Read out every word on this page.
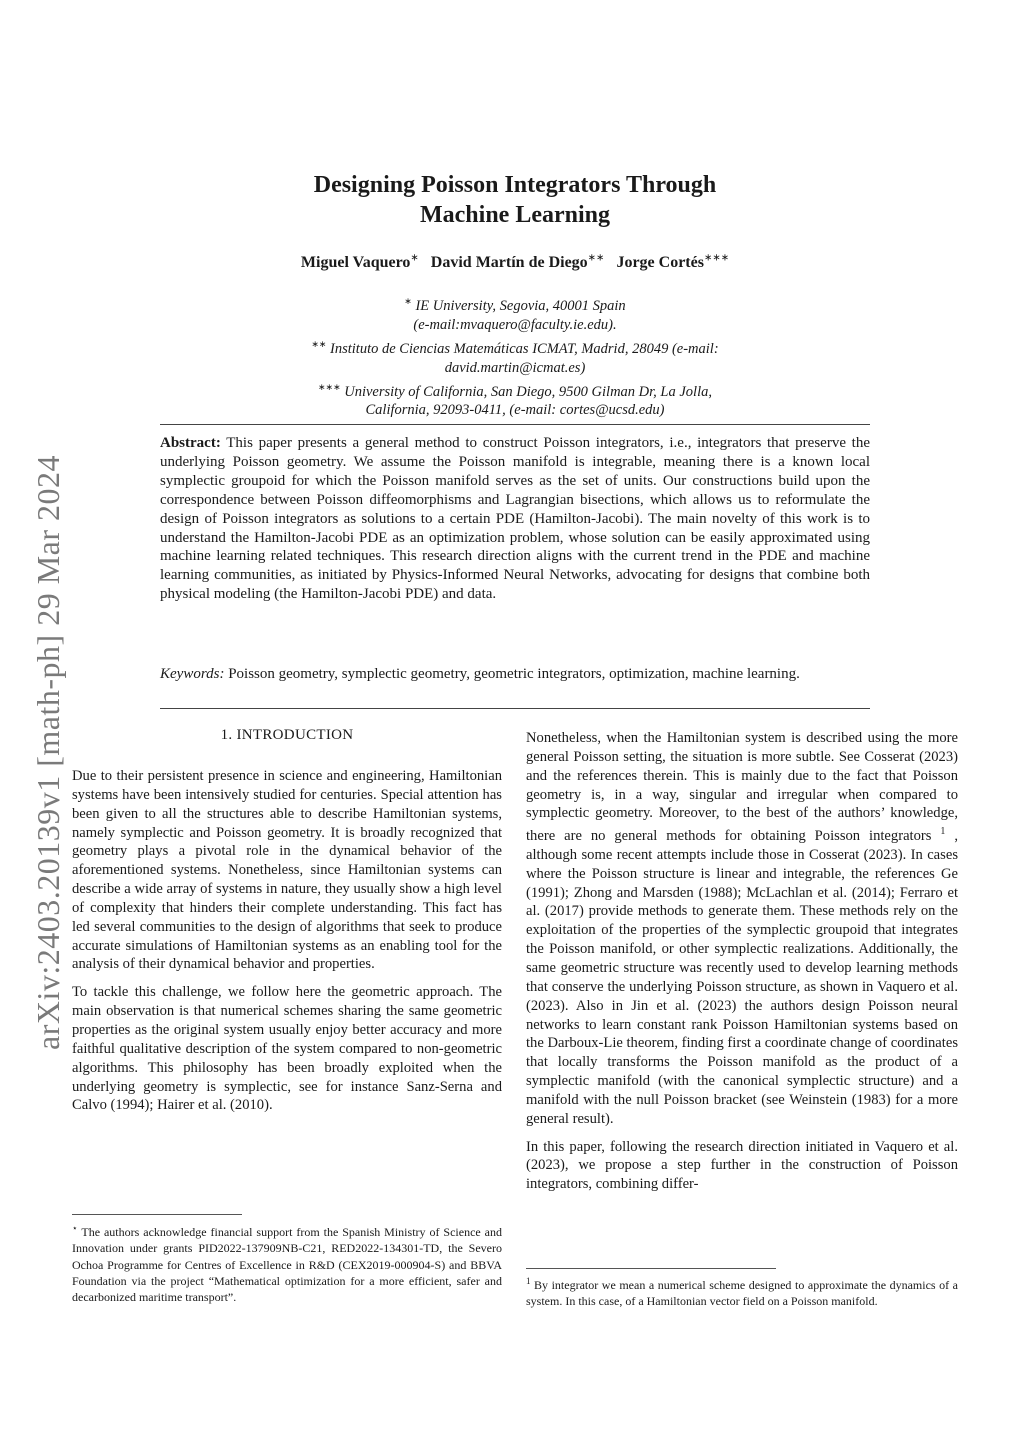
arXiv:2403.20139v1 [math-ph] 29 Mar 2024
Designing Poisson Integrators Through
Machine Learning
Miguel Vaquero∗ David Martín de Diego∗∗ Jorge Cortés∗∗∗
∗ IE University, Segovia, 40001 Spain
(e-mail:mvaquero@faculty.ie.edu).
∗∗ Instituto de Ciencias Matemáticas ICMAT, Madrid, 28049 (e-mail:
david.martin@icmat.es)
∗∗∗ University of California, San Diego, 9500 Gilman Dr, La Jolla,
California, 92093-0411, (e-mail: cortes@ucsd.edu)
Abstract: This paper presents a general method to construct Poisson integrators, i.e., integrators that preserve the underlying Poisson geometry. We assume the Poisson manifold is integrable, meaning there is a known local symplectic groupoid for which the Poisson manifold serves as the set of units. Our constructions build upon the correspondence between Poisson diffeomorphisms and Lagrangian bisections, which allows us to reformulate the design of Poisson integrators as solutions to a certain PDE (Hamilton-Jacobi). The main novelty of this work is to understand the Hamilton-Jacobi PDE as an optimization problem, whose solution can be easily approximated using machine learning related techniques. This research direction aligns with the current trend in the PDE and machine learning communities, as initiated by Physics-Informed Neural Networks, advocating for designs that combine both physical modeling (the Hamilton-Jacobi PDE) and data.
Keywords: Poisson geometry, symplectic geometry, geometric integrators, optimization, machine learning.
1. INTRODUCTION

Due to their persistent presence in science and engineering, Hamiltonian systems have been intensively studied for centuries. Special attention has been given to all the structures able to describe Hamiltonian systems, namely symplectic and Poisson geometry. It is broadly recognized that geometry plays a pivotal role in the dynamical behavior of the aforementioned systems. Nonetheless, since Hamiltonian systems can describe a wide array of systems in nature, they usually show a high level of complexity that hinders their complete understanding. This fact has led several communities to the design of algorithms that seek to produce accurate simulations of Hamiltonian systems as an enabling tool for the analysis of their dynamical behavior and properties.

To tackle this challenge, we follow here the geometric approach. The main observation is that numerical schemes sharing the same geometric properties as the original system usually enjoy better accuracy and more faithful qualitative description of the system compared to non-geometric algorithms. This philosophy has been broadly exploited when the underlying geometry is symplectic, see for instance Sanz-Serna and Calvo (1994); Hairer et al. (2010).

⋆ The authors acknowledge financial support from the Spanish Ministry of Science and Innovation under grants PID2022-137909NB-C21, RED2022-134301-TD, the Severo Ochoa Programme for Centres of Excellence in R&D (CEX2019-000904-S) and BBVA Foundation via the project “Mathematical optimization for a more efficient, safer and decarbonized maritime transport”.

Nonetheless, when the Hamiltonian system is described using the more general Poisson setting, the situation is more subtle. See Cosserat (2023) and the references therein. This is mainly due to the fact that Poisson geometry is, in a way, singular and irregular when compared to symplectic geometry. Moreover, to the best of the authors’ knowledge, there are no general methods for obtaining Poisson integrators $^1$ , although some recent attempts include those in Cosserat (2023). In cases where the Poisson structure is linear and integrable, the references Ge (1991); Zhong and Marsden (1988); McLachlan et al. (2014); Ferraro et al. (2017) provide methods to generate them. These methods rely on the exploitation of the properties of the symplectic groupoid that integrates the Poisson manifold, or other symplectic realizations. Additionally, the same geometric structure was recently used to develop learning methods that conserve the underlying Poisson structure, as shown in Vaquero et al. (2023). Also in Jin et al. (2023) the authors design Poisson neural networks to learn constant rank Poisson Hamiltonian systems based on the Darboux-Lie theorem, finding first a coordinate change of coordinates that locally transforms the Poisson manifold as the product of a symplectic manifold (with the canonical symplectic structure) and a manifold with the null Poisson bracket (see Weinstein (1983) for a more general result).

In this paper, following the research direction initiated in Vaquero et al. (2023), we propose a step further in the construction of Poisson integrators, combining differ-

$^1$ By integrator we mean a numerical scheme designed to approximate the dynamics of a system. In this case, of a Hamiltonian vector field on a Poisson manifold.
